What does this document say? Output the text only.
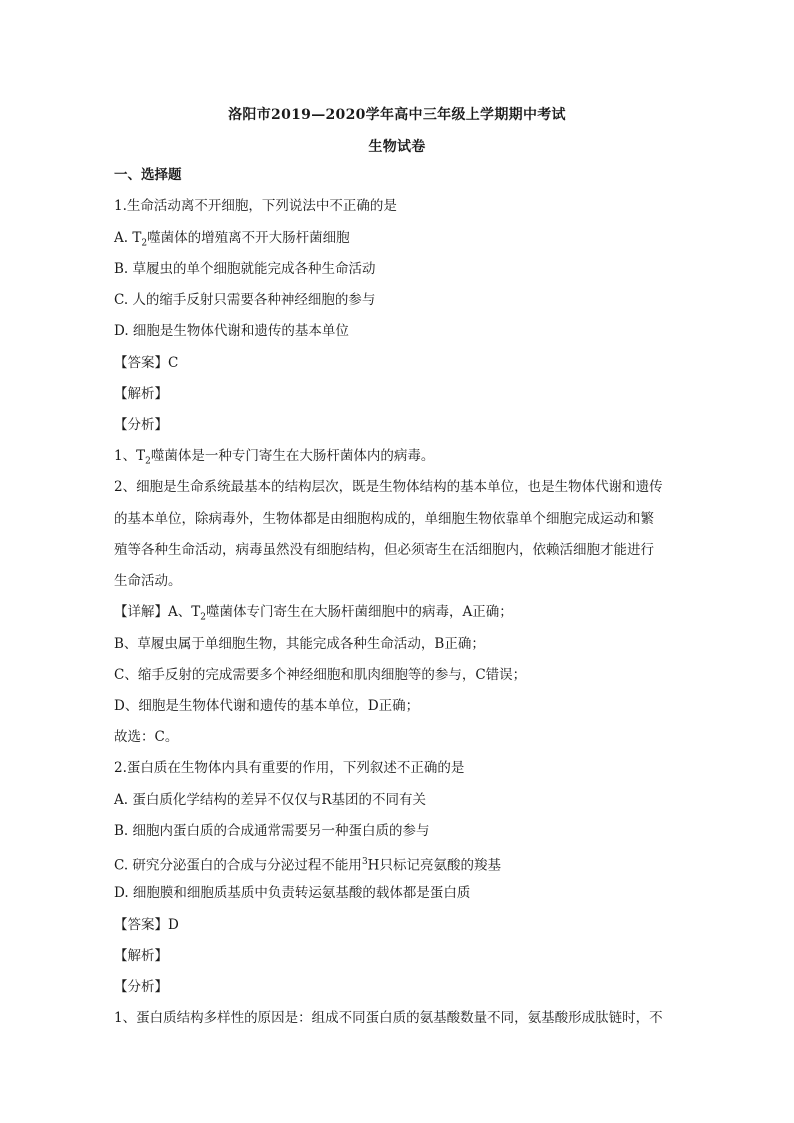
洛阳市2019—2020学年高中三年级上学期期中考试
生物试卷
一、选择题
1.生命活动离不开细胞，下列说法中不正确的是
A. $T_2$噬菌体的增殖离不开大肠杆菌细胞
B. 草履虫的单个细胞就能完成各种生命活动
C. 人的缩手反射只需要各种神经细胞的参与
D. 细胞是生物体代谢和遗传的基本单位
【答案】C
【解析】
【分析】
1、$T_2$噬菌体是一种专门寄生在大肠杆菌体内的病毒。
2、细胞是生命系统最基本的结构层次，既是生物体结构的基本单位，也是生物体代谢和遗传
的基本单位，除病毒外，生物体都是由细胞构成的，单细胞生物依靠单个细胞完成运动和繁
殖等各种生命活动，病毒虽然没有细胞结构，但必须寄生在活细胞内，依赖活细胞才能进行
生命活动。
【详解】A、$T_2$噬菌体专门寄生在大肠杆菌细胞中的病毒，A正确；
B、草履虫属于单细胞生物，其能完成各种生命活动，B正确；
C、缩手反射的完成需要多个神经细胞和肌肉细胞等的参与，C错误；
D、细胞是生物体代谢和遗传的基本单位，D正确；
故选：C。
2.蛋白质在生物体内具有重要的作用，下列叙述不正确的是
A. 蛋白质化学结构的差异不仅仅与R基团的不同有关
B. 细胞内蛋白质的合成通常需要另一种蛋白质的参与
C. 研究分泌蛋白的合成与分泌过程不能用$^3$H只标记亮氨酸的羧基
D. 细胞膜和细胞质基质中负责转运氨基酸的载体都是蛋白质
【答案】D
【解析】
【分析】
1、蛋白质结构多样性的原因是：组成不同蛋白质的氨基酸数量不同，氨基酸形成肽链时，不
